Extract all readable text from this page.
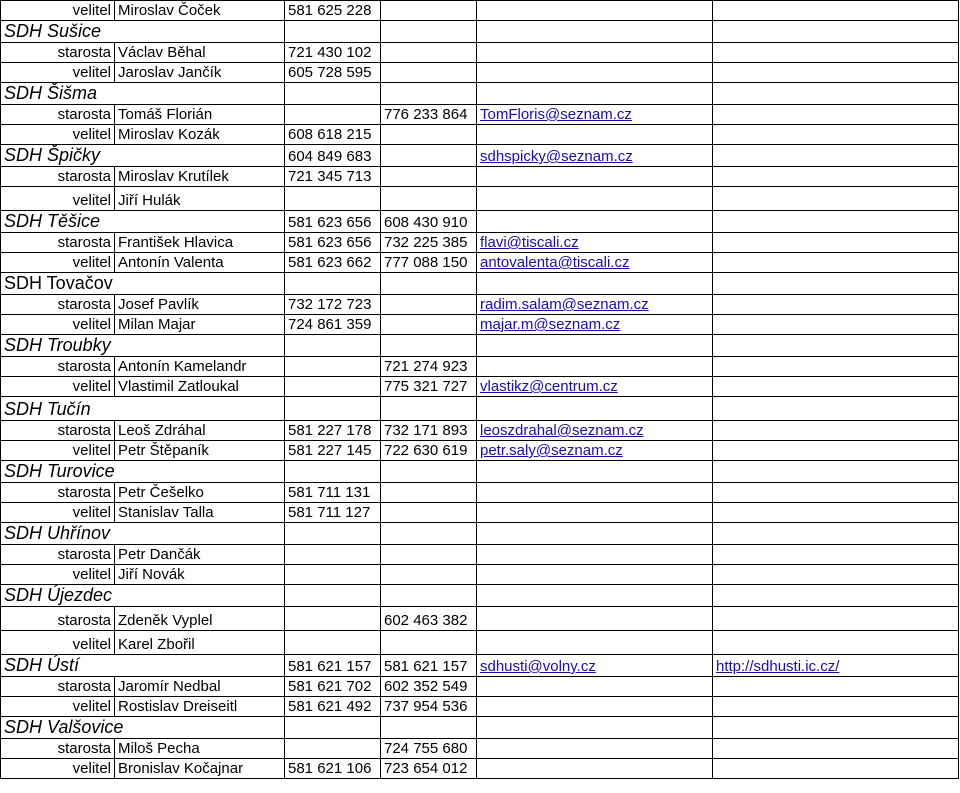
velitel	Miroslav Čoček	581 625 228			
SDH Sušice					
starosta	Václav Běhal	721 430 102			
velitel	Jaroslav Jančík	605 728 595			
SDH Šišma					
starosta	Tomáš Florián		776 233 864	TomFloris@seznam.cz	
velitel	Miroslav Kozák	608 618 215			
SDH Špičky		604 849 683		sdhspicky@seznam.cz	
starosta	Miroslav Krutílek	721 345 713			
velitel	Jiří Hulák				
SDH Těšice		581 623 656	608 430 910		
starosta	František Hlavica	581 623 656	732 225 385	flavi@tiscali.cz	
velitel	Antonín Valenta	581 623 662	777 088 150	antovalenta@tiscali.cz	
SDH Tovačov					
starosta	Josef Pavlík	732 172 723		radim.salam@seznam.cz	
velitel	Milan Majar	724 861 359		majar.m@seznam.cz	
SDH Troubky					
starosta	Antonín Kamelandr		721 274 923		
velitel	Vlastimil Zatloukal		775 321 727	vlastikz@centrum.cz	
SDH Tučín					
starosta	Leoš Zdráhal	581 227 178	732 171 893	leoszdrahal@seznam.cz	
velitel	Petr Štěpaník	581 227 145	722 630 619	petr.saly@seznam.cz	
SDH Turovice					
starosta	Petr Češelko	581 711 131			
velitel	Stanislav Talla	581 711 127			
SDH Uhřínov					
starosta	Petr Dančák				
velitel	Jiří Novák				
SDH Újezdec					
starosta	Zdeněk Vyplel		602 463 382		
velitel	Karel Zbořil				
SDH Ústí		581 621 157	581 621 157	sdhusti@volny.cz	http://sdhusti.ic.cz/
starosta	Jaromír Nedbal	581 621 702	602 352 549		
velitel	Rostislav Dreiseitl	581 621 492	737 954 536		
SDH Valšovice					
starosta	Miloš Pecha		724 755 680		
velitel	Bronislav Kočajnar	581 621 106	723 654 012		
